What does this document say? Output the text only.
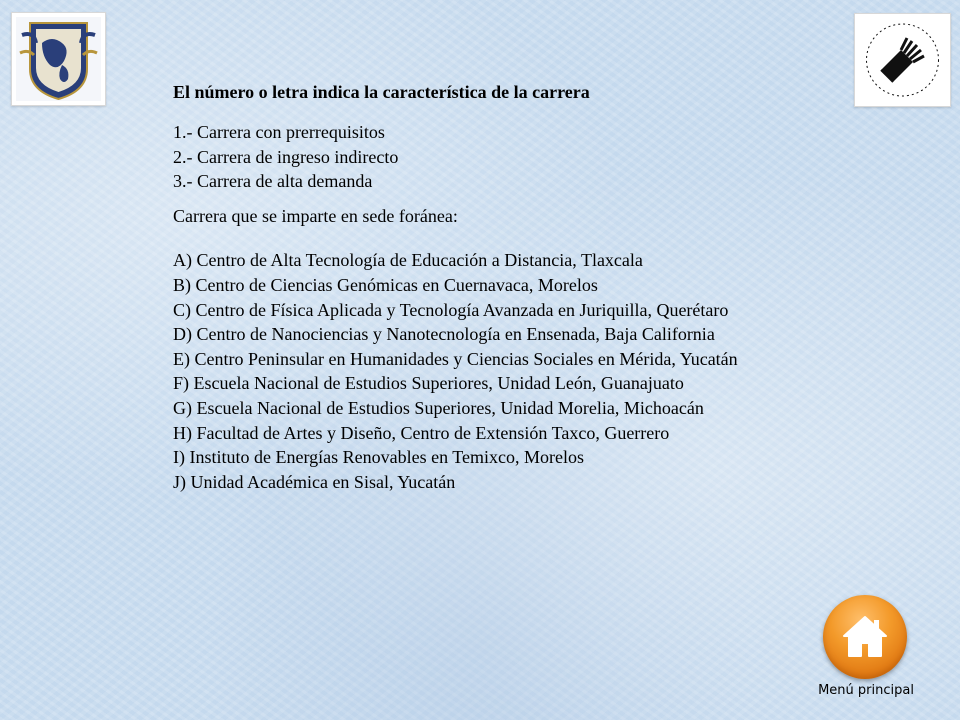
El número o letra indica la característica de la carrera

1.- Carrera con prerrequisitos

2.- Carrera de ingreso indirecto

3.- Carrera de alta demanda

Carrera que se imparte en sede foránea:

A) Centro de Alta Tecnología de Educación a Distancia, Tlaxcala

B) Centro de Ciencias Genómicas en Cuernavaca, Morelos

C) Centro de Física Aplicada y Tecnología Avanzada en Juriquilla, Querétaro

D) Centro de Nanociencias y Nanotecnología en Ensenada, Baja California

E) Centro Peninsular en Humanidades y Ciencias Sociales en Mérida, Yucatán

F) Escuela Nacional de Estudios Superiores, Unidad León, Guanajuato

G) Escuela Nacional de Estudios Superiores, Unidad Morelia, Michoacán

H) Facultad de Artes y Diseño, Centro de Extensión Taxco, Guerrero

I) Instituto de Energías Renovables en Temixco, Morelos

J) Unidad Académica en Sisal, Yucatán

Menú principal
